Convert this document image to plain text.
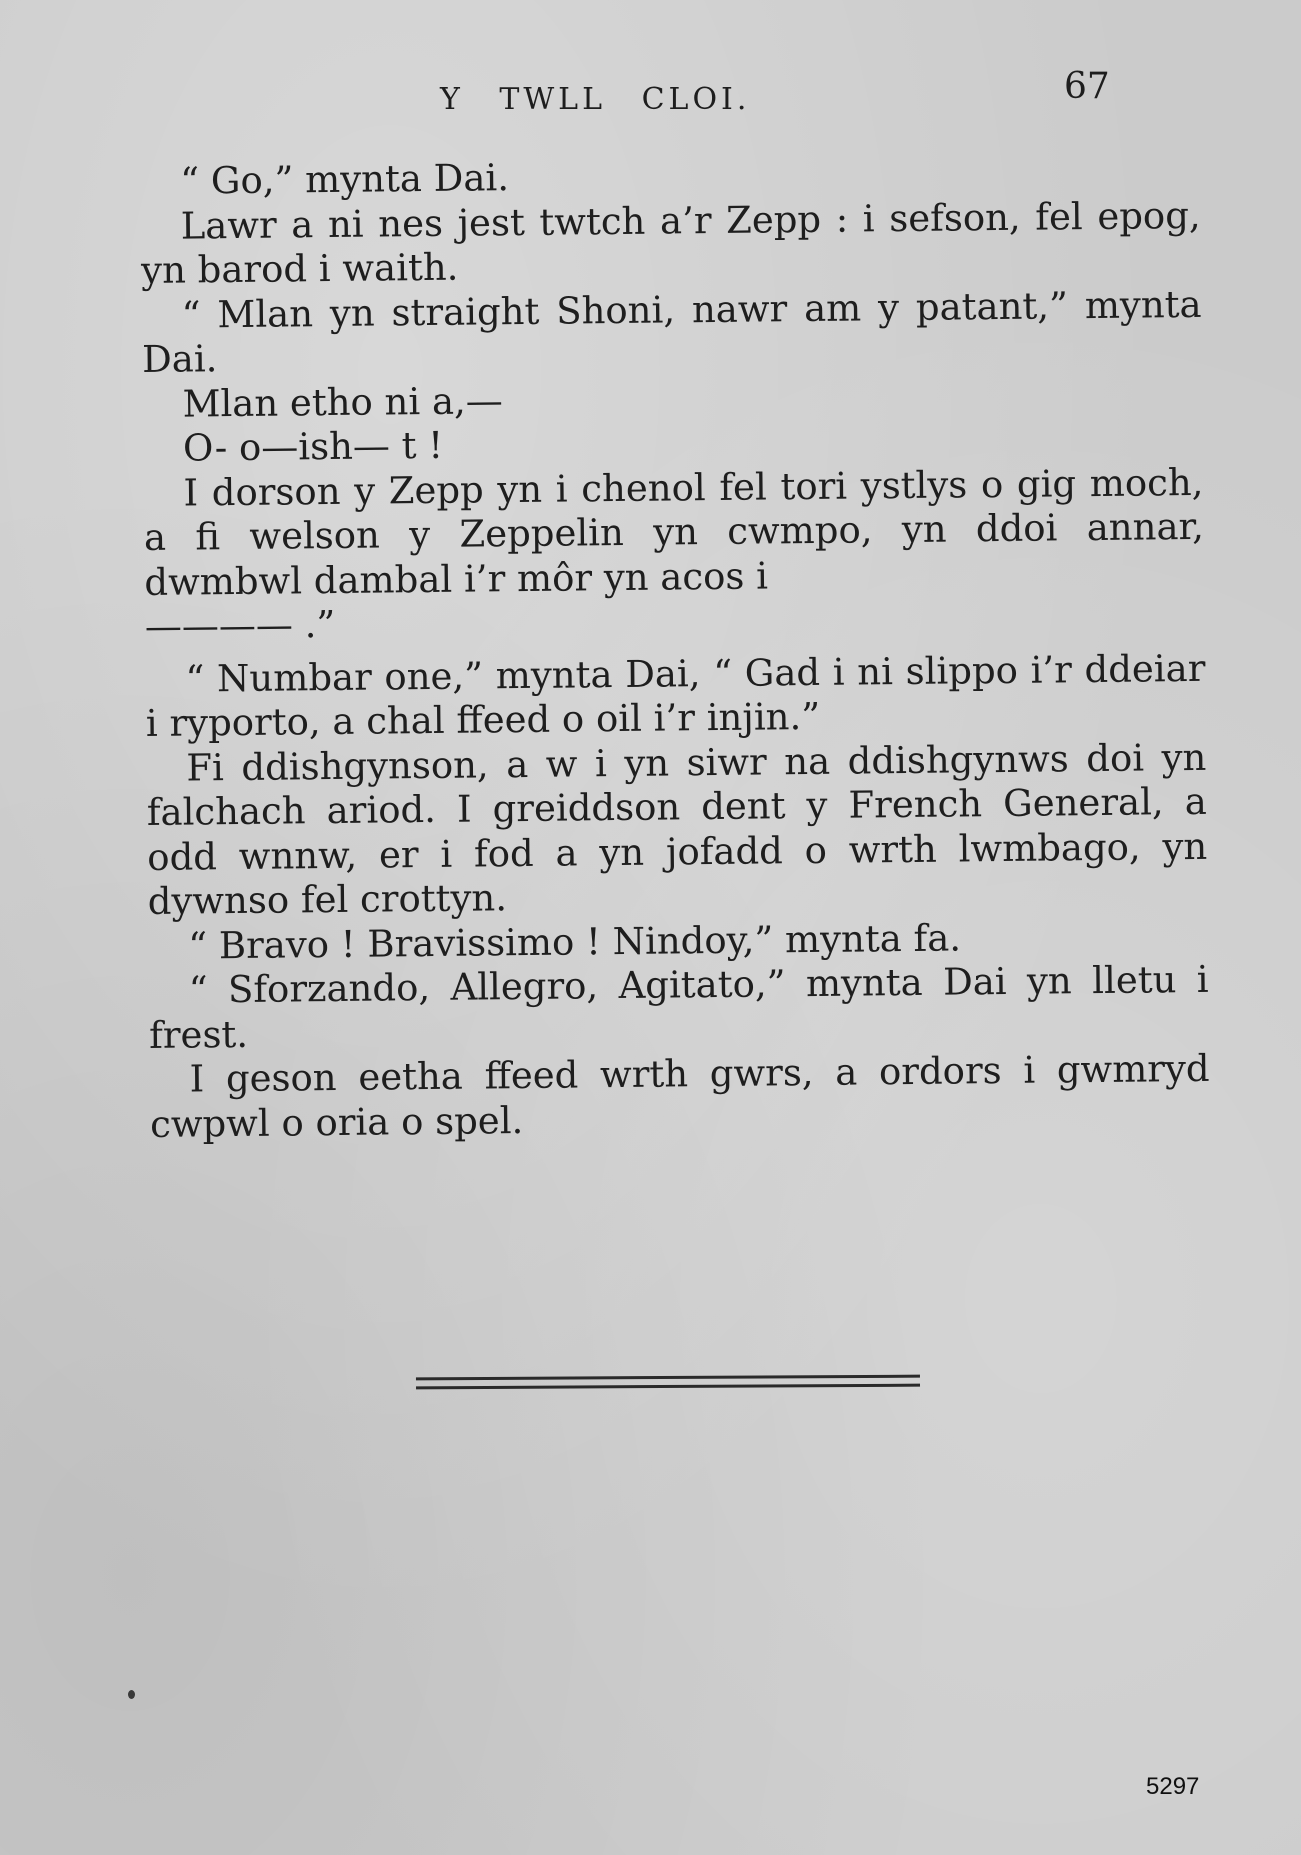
Y TWLL CLOI.	67

“ Go,” mynta Dai.

Lawr a ni nes jest twtch a’r Zepp : i sefson, fel epog, yn barod i waith.

“ Mlan yn straight Shoni, nawr am y patant,” mynta Dai.

Mlan etho ni a,—

O- o—ish— t !

I dorson y Zepp yn i chenol fel tori ystlys o gig moch, a fi welson y Zeppelin yn cwmpo, yn ddoi annar, dwmbwl dambal i’r môr yn acos i

———— .”

“ Numbar one,” mynta Dai, “ Gad i ni slippo i’r ddeiar i ryporto, a chal ffeed o oil i’r injin.”

Fi ddishgynson, a w i yn siwr na ddishgynws doi yn falchach ariod. I greiddson dent y French General, a odd wnnw, er i fod a yn jofadd o wrth lwmbago, yn dywnso fel crottyn.

“ Bravo ! Bravissimo ! Nindoy,” mynta fa.

“ Sforzando, Allegro, Agitato,” mynta Dai yn lletu i frest.

I geson eetha ffeed wrth gwrs, a ordors i gwmryd cwpwl o oria o spel.

5297
